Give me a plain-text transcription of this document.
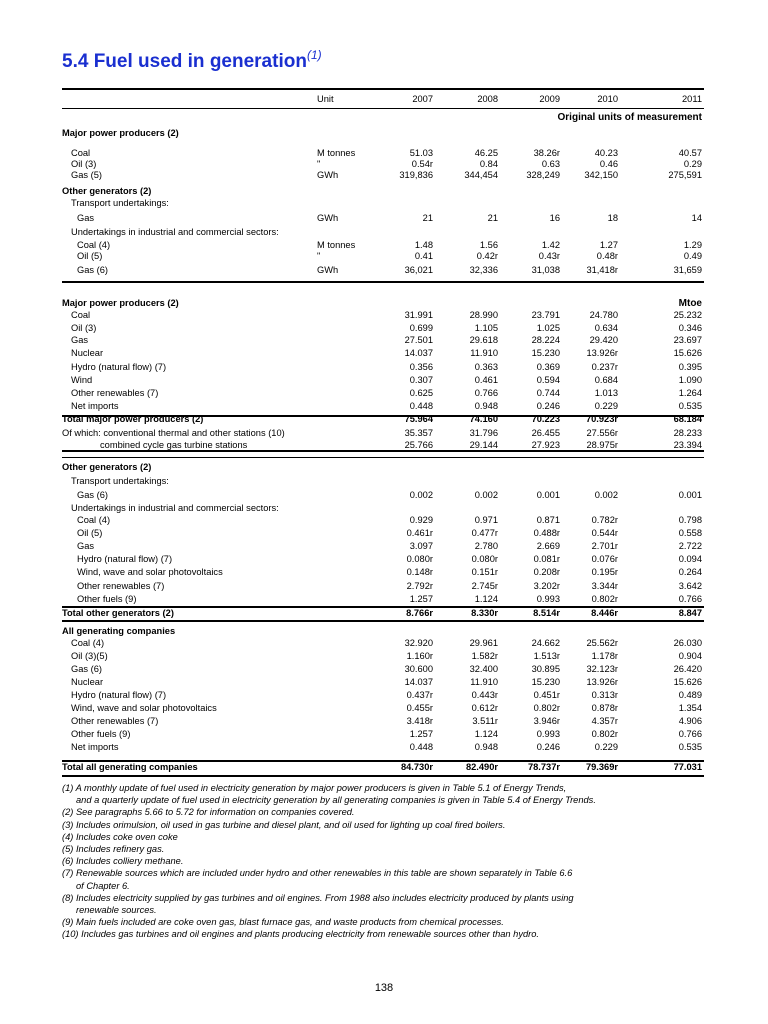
5.4 Fuel used in generation$^{(1)}$
Unit	2007	2008	2009	2010	2011
Original units of measurement
Mtoe
Major power producers (2)
Coal	M tonnes	51.03	46.25	38.26r	40.23	40.57
Oil (3)	"	0.54r	0.84	0.63	0.46	0.29
Gas (5)	GWh	319,836	344,454	328,249	342,150	275,591
Other generators (2)
Transport undertakings:
Gas	GWh	21	21	16	18	14
Undertakings in industrial and commercial sectors:
Coal (4)	M tonnes	1.48	1.56	1.42	1.27	1.29
Oil (5)	"	0.41	0.42r	0.43r	0.48r	0.49
Gas (6)	GWh	36,021	32,336	31,038	31,418r	31,659
Major power producers (2)
Coal	31.991	28.990	23.791	24.780	25.232
Oil (3)	0.699	1.105	1.025	0.634	0.346
Gas	27.501	29.618	28.224	29.420	23.697
Nuclear	14.037	11.910	15.230	13.926r	15.626
Hydro (natural flow) (7)	0.356	0.363	0.369	0.237r	0.395
Wind	0.307	0.461	0.594	0.684	1.090
Other renewables (7)	0.625	0.766	0.744	1.013	1.264
Net imports	0.448	0.948	0.246	0.229	0.535
Total major power producers (2)	75.964	74.160	70.223	70.923r	68.184
Of which: conventional thermal and other stations (10)	35.357	31.796	26.455	27.556r	28.233
combined cycle gas turbine stations	25.766	29.144	27.923	28.975r	23.394
Other generators (2)
Transport undertakings:
Gas (6)	0.002	0.002	0.001	0.002	0.001
Undertakings in industrial and commercial sectors:
Coal (4)	0.929	0.971	0.871	0.782r	0.798
Oil (5)	0.461r	0.477r	0.488r	0.544r	0.558
Gas	3.097	2.780	2.669	2.701r	2.722
Hydro (natural flow) (7)	0.080r	0.080r	0.081r	0.076r	0.094
Wind, wave and solar photovoltaics	0.148r	0.151r	0.208r	0.195r	0.264
Other renewables (7)	2.792r	2.745r	3.202r	3.344r	3.642
Other fuels (9)	1.257	1.124	0.993	0.802r	0.766
Total other generators (2)	8.766r	8.330r	8.514r	8.446r	8.847
All generating companies
Coal (4)	32.920	29.961	24.662	25.562r	26.030
Oil (3)(5)	1.160r	1.582r	1.513r	1.178r	0.904
Gas (6)	30.600	32.400	30.895	32.123r	26.420
Nuclear	14.037	11.910	15.230	13.926r	15.626
Hydro (natural flow) (7)	0.437r	0.443r	0.451r	0.313r	0.489
Wind, wave and solar photovoltaics	0.455r	0.612r	0.802r	0.878r	1.354
Other renewables (7)	3.418r	3.511r	3.946r	4.357r	4.906
Other fuels (9)	1.257	1.124	0.993	0.802r	0.766
Net imports	0.448	0.948	0.246	0.229	0.535
Total all generating companies	84.730r	82.490r	78.737r	79.369r	77.031
(1) A monthly update of fuel used in electricity generation by major power producers is given in Table 5.1 of Energy Trends,
and a quarterly update of fuel used in electricity generation by all generating companies is given in Table 5.4 of Energy Trends.
(2) See paragraphs 5.66 to 5.72 for information on companies covered.
(3) Includes orimulsion, oil used in gas turbine and diesel plant, and oil used for lighting up coal fired boilers.
(4) Includes coke oven coke
(5) Includes refinery gas.
(6) Includes colliery methane.
(7) Renewable sources which are included under hydro and other renewables in this table are shown separately in Table 6.6
of Chapter 6.
(8) Includes electricity supplied by gas turbines and oil engines. From 1988 also includes electricity produced by plants using
renewable sources.
(9) Main fuels included are coke oven gas, blast furnace gas, and waste products from chemical processes.
(10) Includes gas turbines and oil engines and plants producing electricity from renewable sources other than hydro.
138
